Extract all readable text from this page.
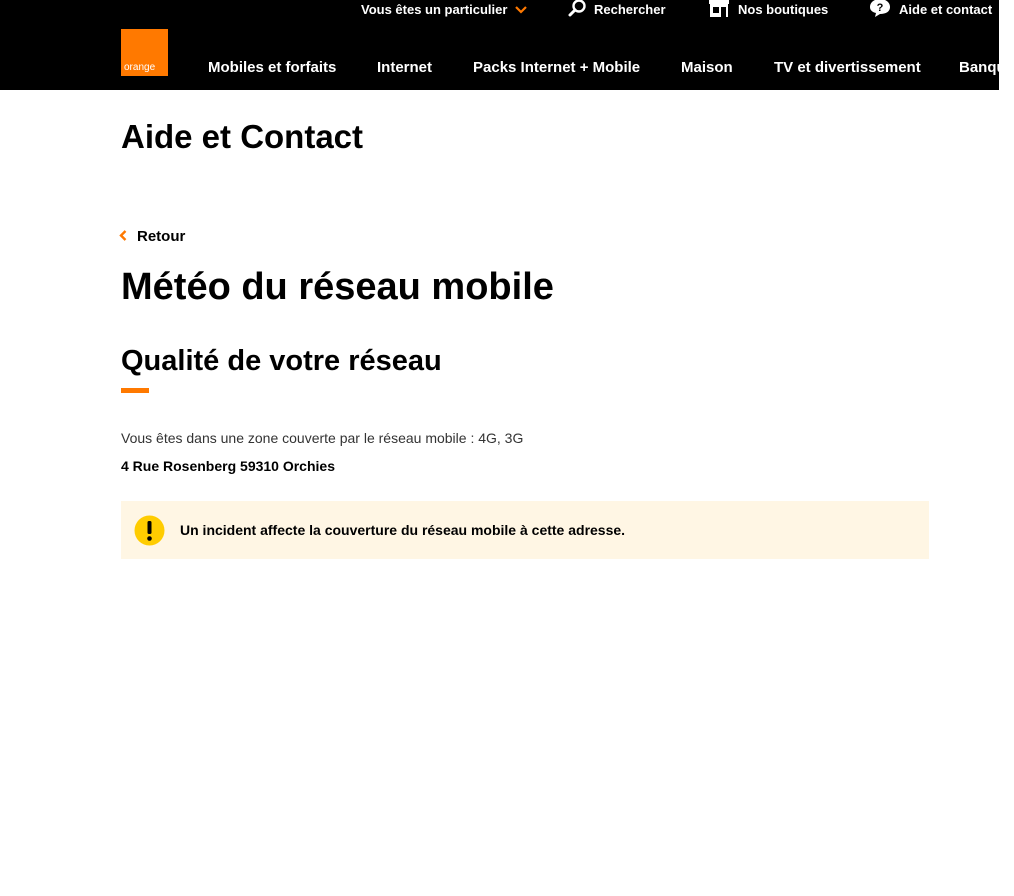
Vous êtes un particulier	Rechercher	Nos boutiques	? Aide et contact
orange	Mobiles et forfaits	Internet	Packs Internet + Mobile	Maison	TV et divertissement	Banque
Aide et Contact
Retour
Météo du réseau mobile
Qualité de votre réseau
Vous êtes dans une zone couverte par le réseau mobile : 4G, 3G
4 Rue Rosenberg 59310 Orchies
Un incident affecte la couverture du réseau mobile à cette adresse.
